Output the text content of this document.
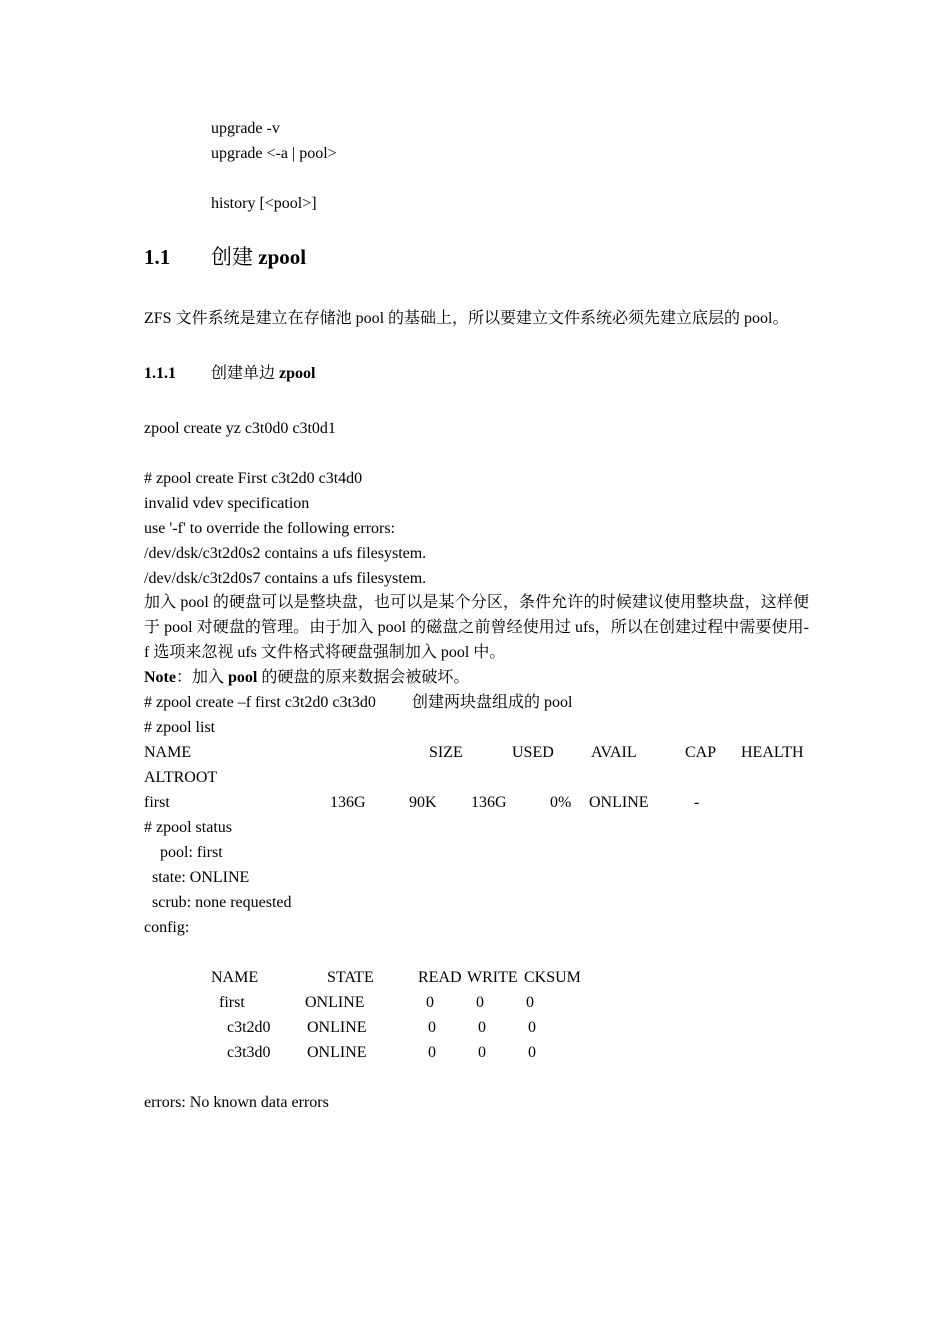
upgrade -v
upgrade <-a | pool>
history [<pool>]
1.1 创建 zpool
ZFS 文件系统是建立在存储池 pool 的基础上，所以要建立文件系统必须先建立底层的 pool。
1.1.1 创建单边 zpool
zpool create yz c3t0d0 c3t0d1
# zpool create First c3t2d0 c3t4d0
invalid vdev specification
use '-f' to override the following errors:
/dev/dsk/c3t2d0s2 contains a ufs filesystem.
/dev/dsk/c3t2d0s7 contains a ufs filesystem.
加入 pool 的硬盘可以是整块盘，也可以是某个分区，条件允许的时候建议使用整块盘，这样便于 pool 对硬盘的管理。由于加入 pool 的磁盘之前曾经使用过 ufs，所以在创建过程中需要使用-f 选项来忽视 ufs 文件格式将硬盘强制加入 pool 中。
Note：加入 pool 的硬盘的原来数据会被破坏。
# zpool create –f first c3t2d0 c3t3d0 创建两块盘组成的 pool
# zpool list
NAME	SIZE	USED AVAIL	CAP HEALTH
ALTROOT
first	136G	90K 136G	0% ONLINE	-
# zpool status
pool: first
state: ONLINE
scrub: none requested
config:
NAME	STATE	READ WRITE CKSUM
first	ONLINE	0	0	0
c3t2d0 ONLINE	0	0	0
c3t3d0 ONLINE	0	0	0
errors: No known data errors
